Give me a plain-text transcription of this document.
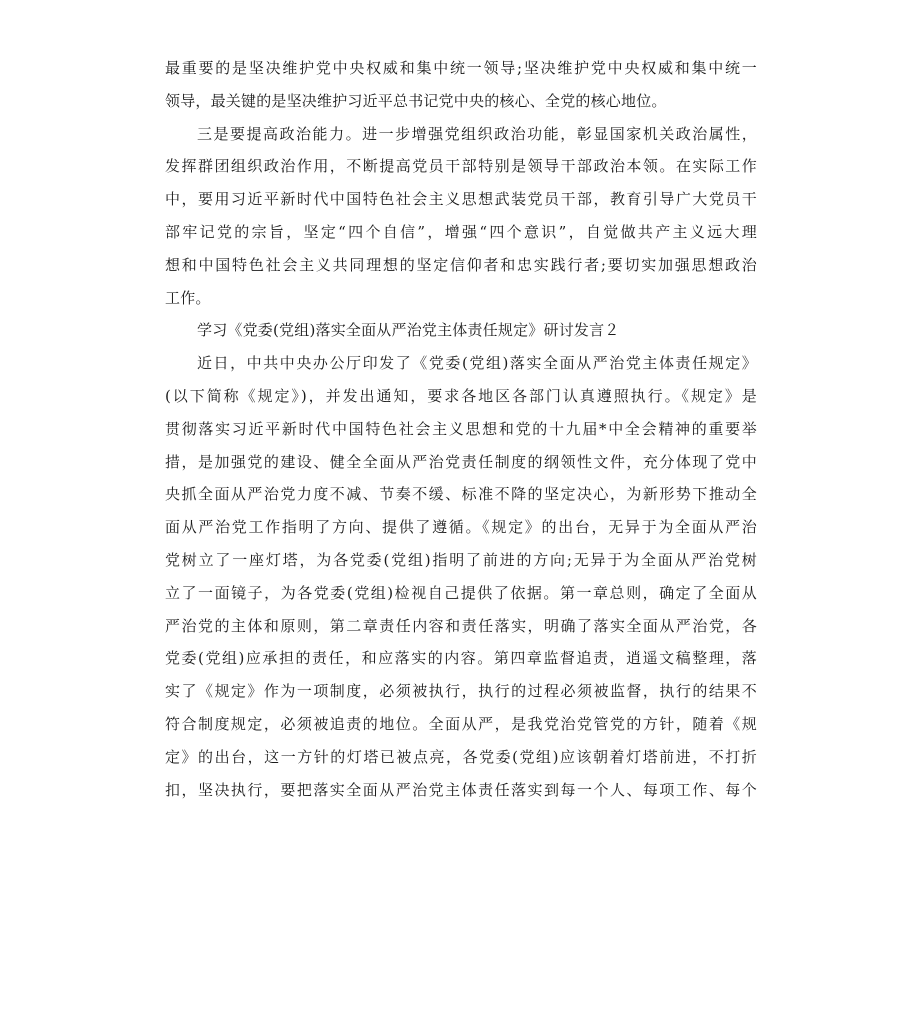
最重要的是坚决维护党中央权威和集中统一领导;坚决维护党中央权威和集中统一
领导，最关键的是坚决维护习近平总书记党中央的核心、全党的核心地位。
三是要提高政治能力。进一步增强党组织政治功能，彰显国家机关政治属性，
发挥群团组织政治作用，不断提高党员干部特别是领导干部政治本领。在实际工作
中，要用习近平新时代中国特色社会主义思想武装党员干部，教育引导广大党员干
部牢记党的宗旨，坚定“四个自信”，增强“四个意识”，自觉做共产主义远大理
想和中国特色社会主义共同理想的坚定信仰者和忠实践行者;要切实加强思想政治
工作。
学习《党委(党组)落实全面从严治党主体责任规定》研讨发言２
近日，中共中央办公厅印发了《党委(党组)落实全面从严治党主体责任规定》
(以下简称《规定》)，并发出通知，要求各地区各部门认真遵照执行。《规定》是
贯彻落实习近平新时代中国特色社会主义思想和党的十九届*中全会精神的重要举
措，是加强党的建设、健全全面从严治党责任制度的纲领性文件，充分体现了党中
央抓全面从严治党力度不减、节奏不缓、标准不降的坚定决心，为新形势下推动全
面从严治党工作指明了方向、提供了遵循。《规定》的出台，无异于为全面从严治
党树立了一座灯塔，为各党委(党组)指明了前进的方向;无异于为全面从严治党树
立了一面镜子，为各党委(党组)检视自己提供了依据。第一章总则，确定了全面从
严治党的主体和原则，第二章责任内容和责任落实，明确了落实全面从严治党，各
党委(党组)应承担的责任，和应落实的内容。第四章监督追责，逍遥文稿整理，落
实了《规定》作为一项制度，必须被执行，执行的过程必须被监督，执行的结果不
符合制度规定，必须被追责的地位。全面从严，是我党治党管党的方针，随着《规
定》的出台，这一方针的灯塔已被点亮，各党委(党组)应该朝着灯塔前进，不打折
扣，坚决执行，要把落实全面从严治党主体责任落实到每一个人、每项工作、每个
